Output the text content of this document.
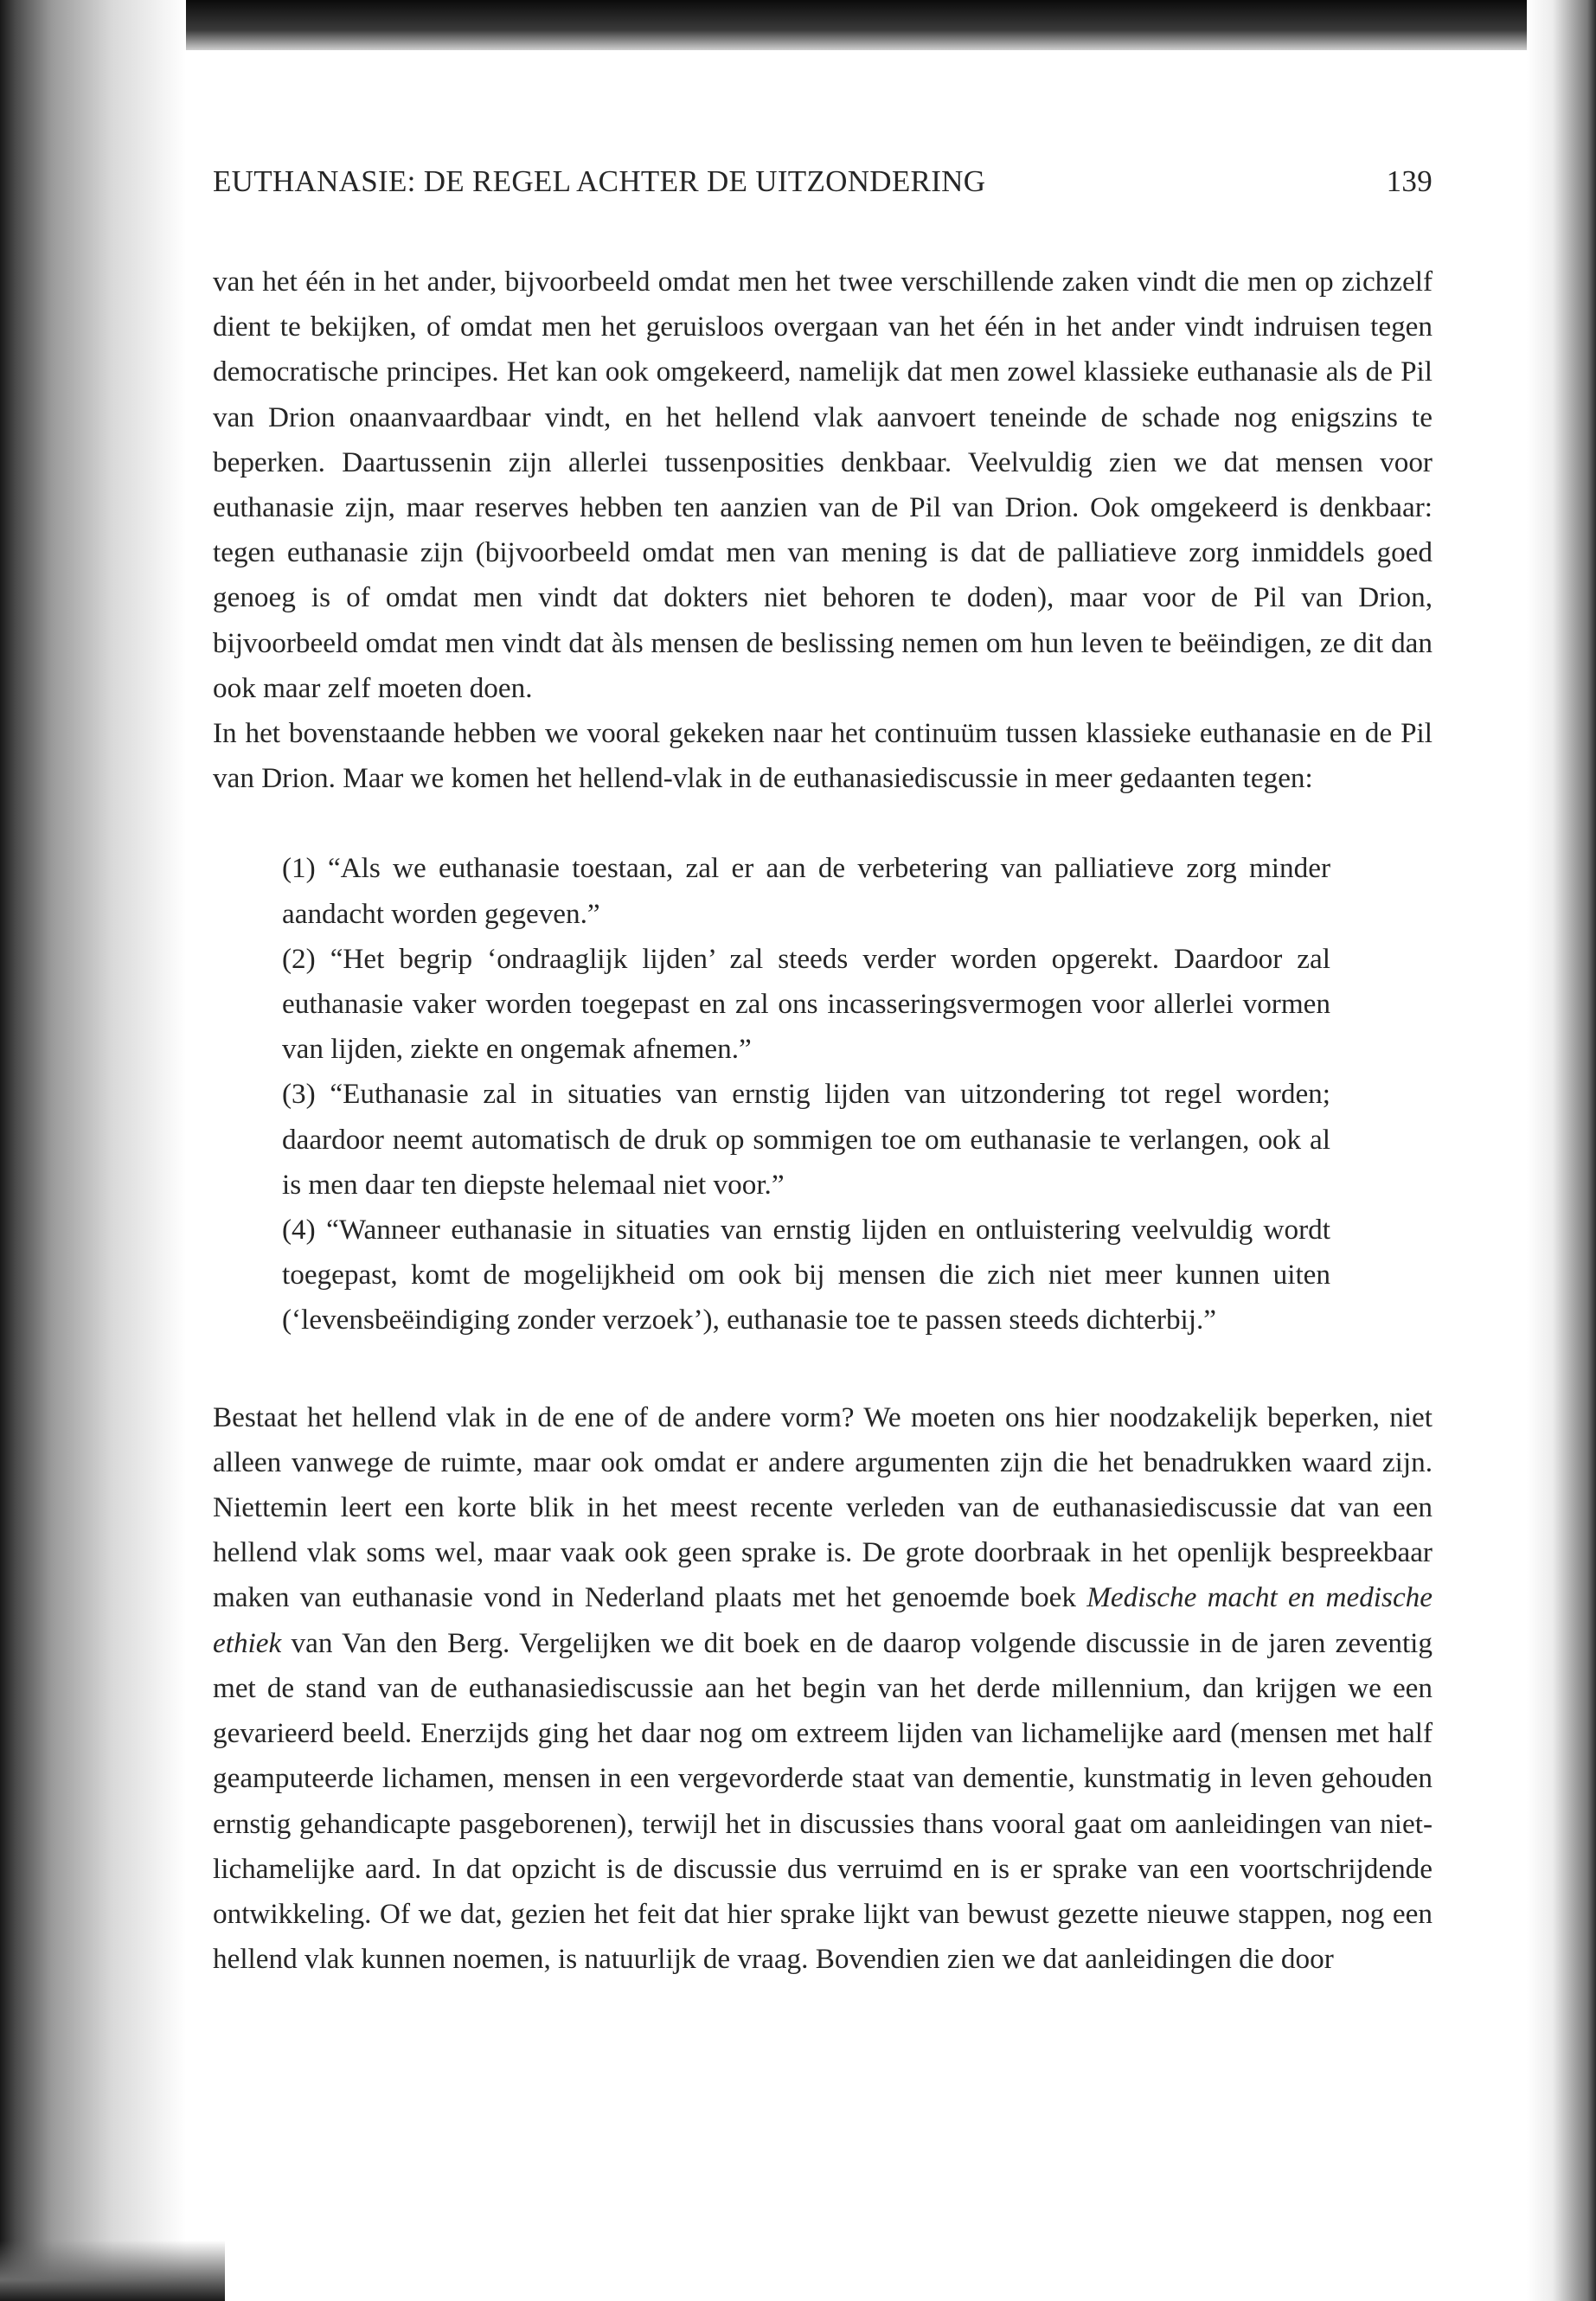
EUTHANASIE: DE REGEL ACHTER DE UITZONDERING	139

van het één in het ander, bijvoorbeeld omdat men het twee verschillende zaken vindt die men op zichzelf dient te bekijken, of omdat men het geruisloos overgaan van het één in het ander vindt indruisen tegen democratische principes. Het kan ook omgekeerd, namelijk dat men zowel klassieke euthanasie als de Pil van Drion onaanvaardbaar vindt, en het hellend vlak aanvoert teneinde de schade nog enigszins te beperken. Daartussenin zijn allerlei tussenposities denkbaar. Veelvuldig zien we dat mensen voor euthanasie zijn, maar reserves hebben ten aanzien van de Pil van Drion. Ook omgekeerd is denkbaar: tegen euthanasie zijn (bijvoorbeeld omdat men van mening is dat de palliatieve zorg inmiddels goed genoeg is of omdat men vindt dat dokters niet behoren te doden), maar voor de Pil van Drion, bijvoorbeeld omdat men vindt dat àls mensen de beslissing nemen om hun leven te beëindigen, ze dit dan ook maar zelf moeten doen.

In het bovenstaande hebben we vooral gekeken naar het continuüm tussen klassieke euthanasie en de Pil van Drion. Maar we komen het hellend-vlak in de euthanasiediscussie in meer gedaanten tegen:

(1) “Als we euthanasie toestaan, zal er aan de verbetering van palliatieve zorg minder aandacht worden gegeven.”
(2) “Het begrip ‘ondraaglijk lijden’ zal steeds verder worden opgerekt. Daardoor zal euthanasie vaker worden toegepast en zal ons incasseringsvermogen voor allerlei vormen van lijden, ziekte en ongemak afnemen.”
(3) “Euthanasie zal in situaties van ernstig lijden van uitzondering tot regel worden; daardoor neemt automatisch de druk op sommigen toe om euthanasie te verlangen, ook al is men daar ten diepste helemaal niet voor.”
(4) “Wanneer euthanasie in situaties van ernstig lijden en ontluistering veelvuldig wordt toegepast, komt de mogelijkheid om ook bij mensen die zich niet meer kunnen uiten (‘levensbeëindiging zonder verzoek’), euthanasie toe te passen steeds dichterbij.”

Bestaat het hellend vlak in de ene of de andere vorm? We moeten ons hier noodzakelijk beperken, niet alleen vanwege de ruimte, maar ook omdat er andere argumenten zijn die het benadrukken waard zijn. Niettemin leert een korte blik in het meest recente verleden van de euthanasiediscussie dat van een hellend vlak soms wel, maar vaak ook geen sprake is. De grote doorbraak in het openlijk bespreekbaar maken van euthanasie vond in Nederland plaats met het genoemde boek Medische macht en medische ethiek van Van den Berg. Vergelijken we dit boek en de daarop volgende discussie in de jaren zeventig met de stand van de euthanasiediscussie aan het begin van het derde millennium, dan krijgen we een gevarieerd beeld. Enerzijds ging het daar nog om extreem lijden van lichamelijke aard (mensen met half geamputeerde lichamen, mensen in een vergevorderde staat van dementie, kunstmatig in leven gehouden ernstig gehandicapte pasgeborenen), terwijl het in discussies thans vooral gaat om aanleidingen van niet-lichamelijke aard. In dat opzicht is de discussie dus verruimd en is er sprake van een voortschrijdende ontwikkeling. Of we dat, gezien het feit dat hier sprake lijkt van bewust gezette nieuwe stappen, nog een hellend vlak kunnen noemen, is natuurlijk de vraag. Bovendien zien we dat aanleidingen die door
